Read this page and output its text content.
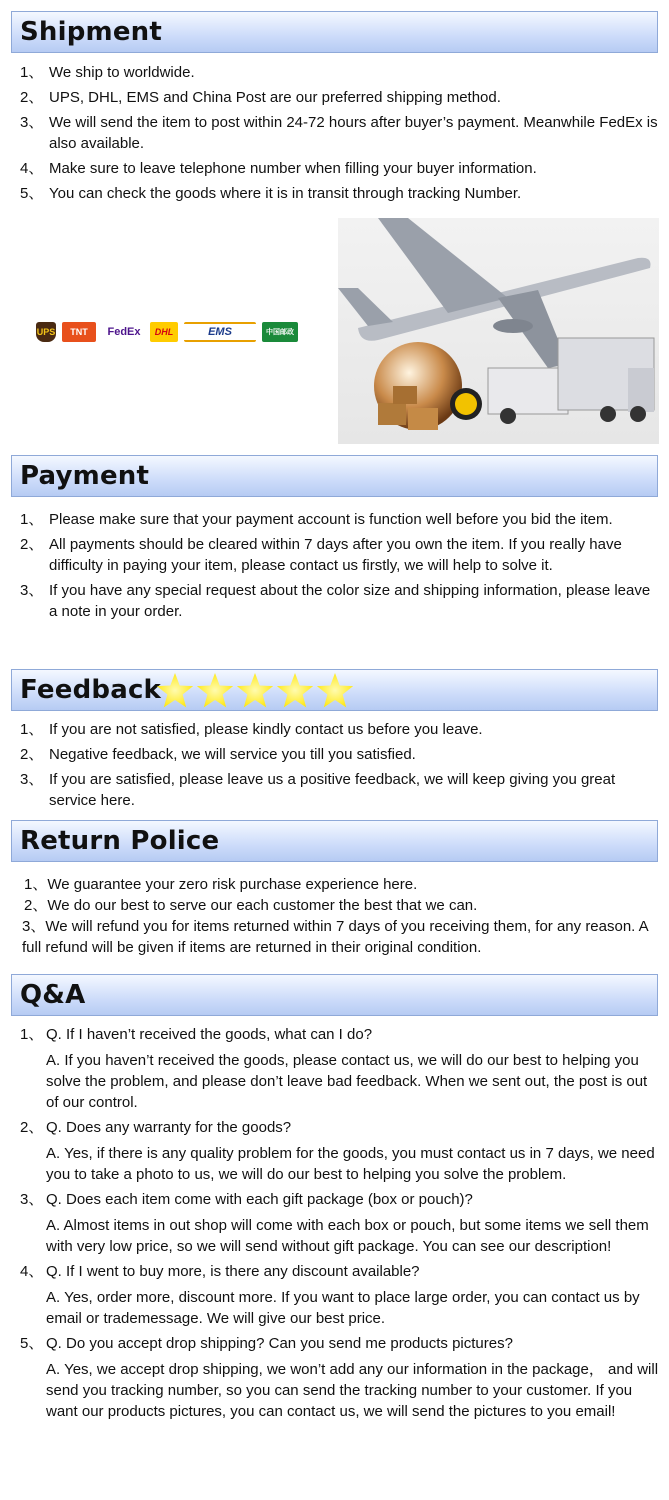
Shipment
1、 We ship to worldwide.
2、 UPS, DHL, EMS and China Post are our preferred shipping method.
3、 We will send the item to post within 24-72 hours after buyer’s payment. Meanwhile FedEx is also available.
4、 Make sure to leave telephone number when filling your buyer information.
5、 You can check the goods where it is in transit through tracking Number.
UPS TNT FedEx DHL	EMS	中国邮政
Payment
1、 Please make sure that your payment account is function well before you bid the item.
2、 All payments should be cleared within 7 days after you own the item. If you really have difficulty in paying your item, please contact us firstly, we will help to solve it.
3、 If you have any special request about the color size and shipping information, please leave a note in your order.
Feedback
1、 If you are not satisfied, please kindly contact us before you leave.
2、 Negative feedback, we will service you till you satisfied.
3、 If you are satisfied, please leave us a positive feedback, we will keep giving you great service here.
Return Police
1、We guarantee your zero risk purchase experience here.
2、We do our best to serve our each customer the best that we can.
3、We will refund you for items returned within 7 days of you receiving them, for any reason. A full refund will be given if items are returned in their original condition.
Q&A
1、 Q. If I haven’t received the goods, what can I do?
A. If you haven’t received the goods, please contact us, we will do our best to helping you solve the problem, and please don’t leave bad feedback. When we sent out, the post is out of our control.
2、 Q. Does any warranty for the goods?
A. Yes, if there is any quality problem for the goods, you must contact us in 7 days, we need you to take a photo to us, we will do our best to helping you solve the problem.
3、 Q. Does each item come with each gift package (box or pouch)?
A. Almost items in out shop will come with each box or pouch, but some items we sell them with very low price, so we will send without gift package. You can see our description!
4、 Q. If I went to buy more, is there any discount available?
A. Yes, order more, discount more. If you want to place large order, you can contact us by email or trademessage. We will give our best price.
5、 Q. Do you accept drop shipping? Can you send me products pictures?
A. Yes, we accept drop shipping, we won’t add any our information in the package， and will send you tracking number, so you can send the tracking number to your customer. If you want our products pictures, you can contact us, we will send the pictures to you email!
